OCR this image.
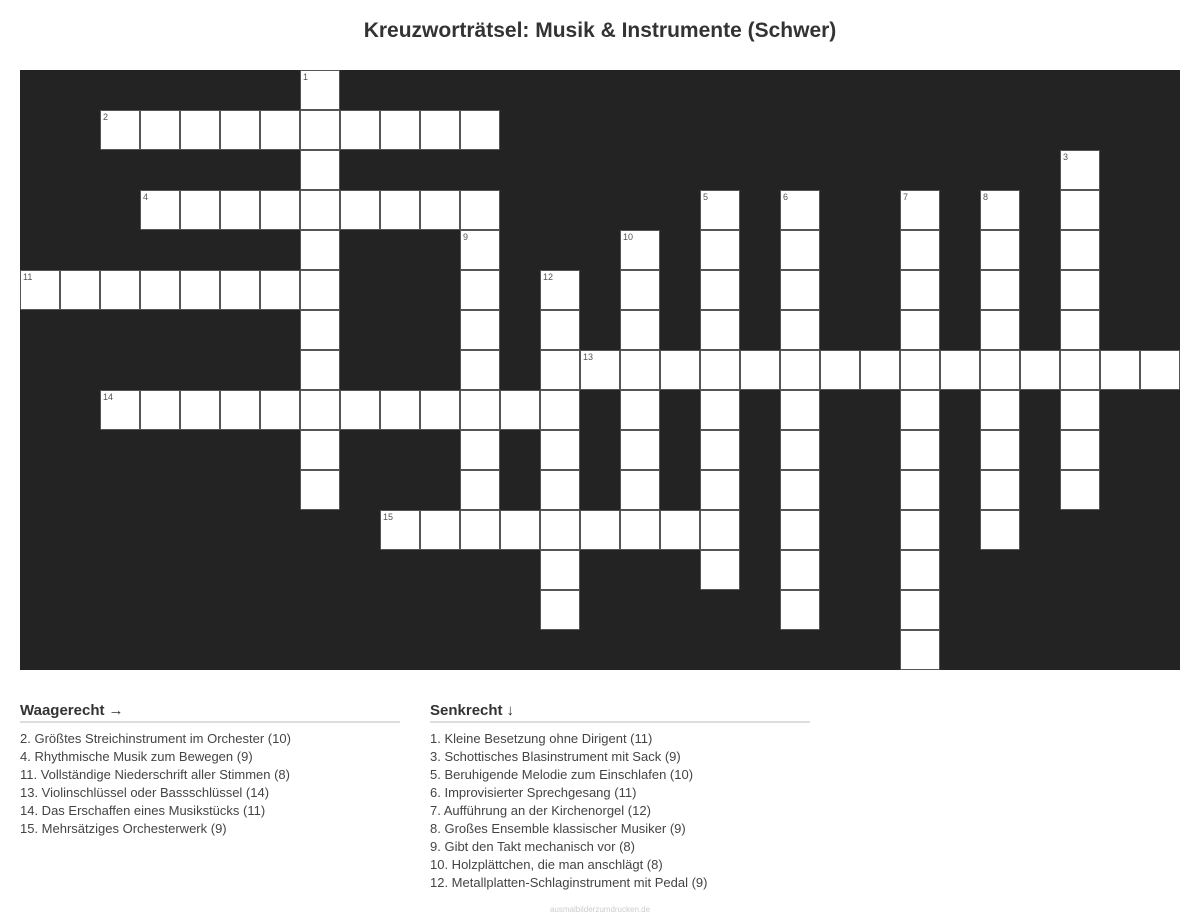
Kreuzworträtsel: Musik & Instrumente (Schwer)
1
2
3
4	5	6	7	8
9	10
11	12
13
14
15
Waagerecht →
2. Größtes Streichinstrument im Orchester (10)
4. Rhythmische Musik zum Bewegen (9)
11. Vollständige Niederschrift aller Stimmen (8)
13. Violinschlüssel oder Bassschlüssel (14)
14. Das Erschaffen eines Musikstücks (11)
15. Mehrsätziges Orchesterwerk (9)
Senkrecht ↓
1. Kleine Besetzung ohne Dirigent (11)
3. Schottisches Blasinstrument mit Sack (9)
5. Beruhigende Melodie zum Einschlafen (10)
6. Improvisierter Sprechgesang (11)
7. Aufführung an der Kirchenorgel (12)
8. Großes Ensemble klassischer Musiker (9)
9. Gibt den Takt mechanisch vor (8)
10. Holzplättchen, die man anschlägt (8)
12. Metallplatten-Schlaginstrument mit Pedal (9)
ausmalbilderzumdrucken.de
